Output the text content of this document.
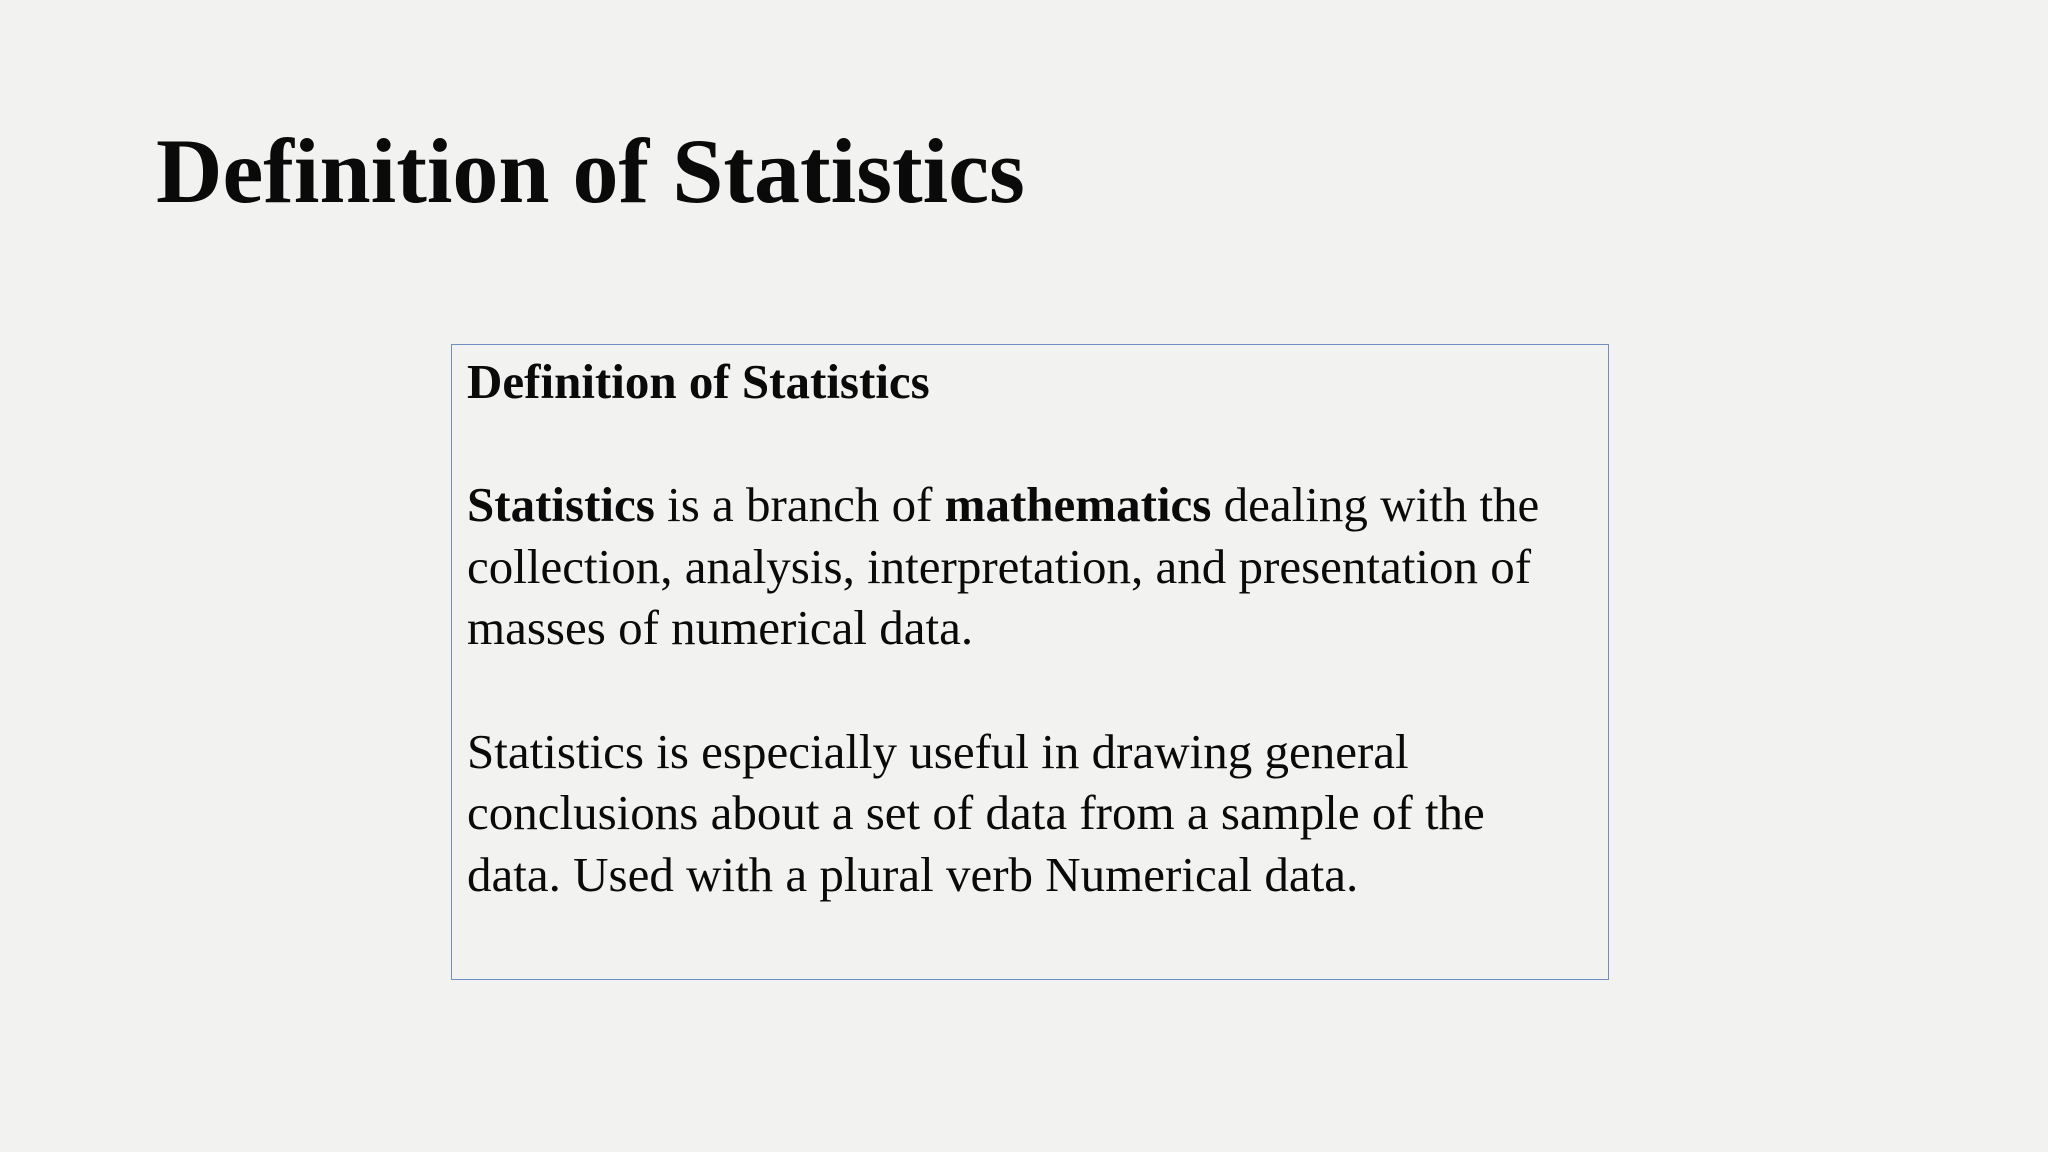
Definition of Statistics

Definition of Statistics

Statistics is a branch of mathematics dealing with the
collection, analysis, interpretation, and presentation of
masses of numerical data.

Statistics is especially useful in drawing general
conclusions about a set of data from a sample of the
data. Used with a plural verb Numerical data.
